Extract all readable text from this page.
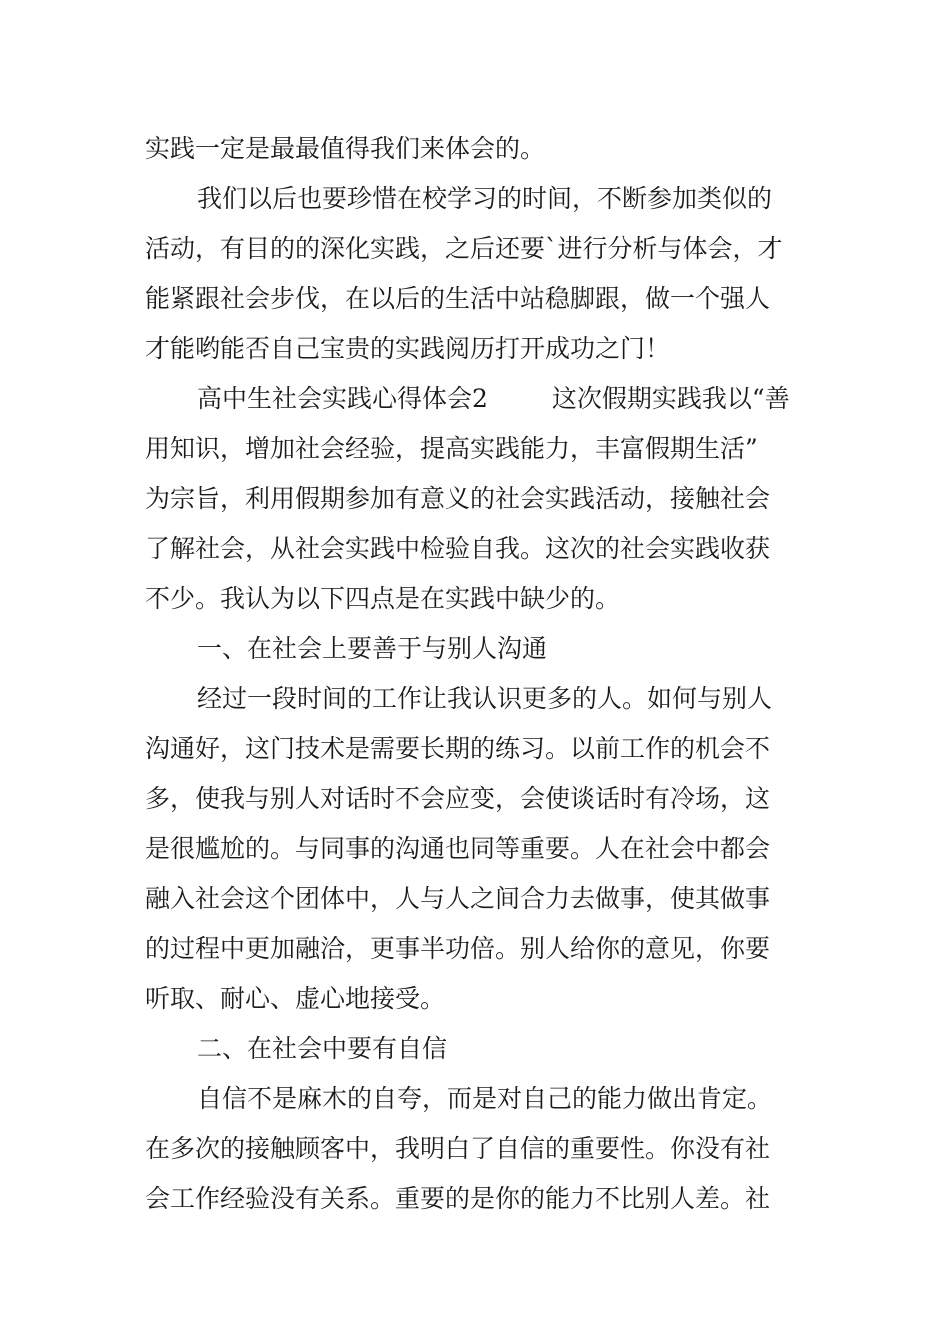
实践一定是最最值得我们来体会的。
我们以后也要珍惜在校学习的时间，不断参加类似的
活动，有目的的深化实践，之后还要`进行分析与体会，才
能紧跟社会步伐，在以后的生活中站稳脚跟，做一个强人
才能哟能否自己宝贵的实践阅历打开成功之门！
高中生社会实践心得体会2	这次假期实践我以“善
用知识，增加社会经验，提高实践能力，丰富假期生活”
为宗旨，利用假期参加有意义的社会实践活动，接触社会
了解社会，从社会实践中检验自我。这次的社会实践收获
不少。我认为以下四点是在实践中缺少的。
一、在社会上要善于与别人沟通
经过一段时间的工作让我认识更多的人。如何与别人
沟通好，这门技术是需要长期的练习。以前工作的机会不
多，使我与别人对话时不会应变，会使谈话时有冷场，这
是很尴尬的。与同事的沟通也同等重要。人在社会中都会
融入社会这个团体中，人与人之间合力去做事，使其做事
的过程中更加融洽，更事半功倍。别人给你的意见，你要
听取、耐心、虚心地接受。
二、在社会中要有自信
自信不是麻木的自夸，而是对自己的能力做出肯定。
在多次的接触顾客中，我明白了自信的重要性。你没有社
会工作经验没有关系。重要的是你的能力不比别人差。社
